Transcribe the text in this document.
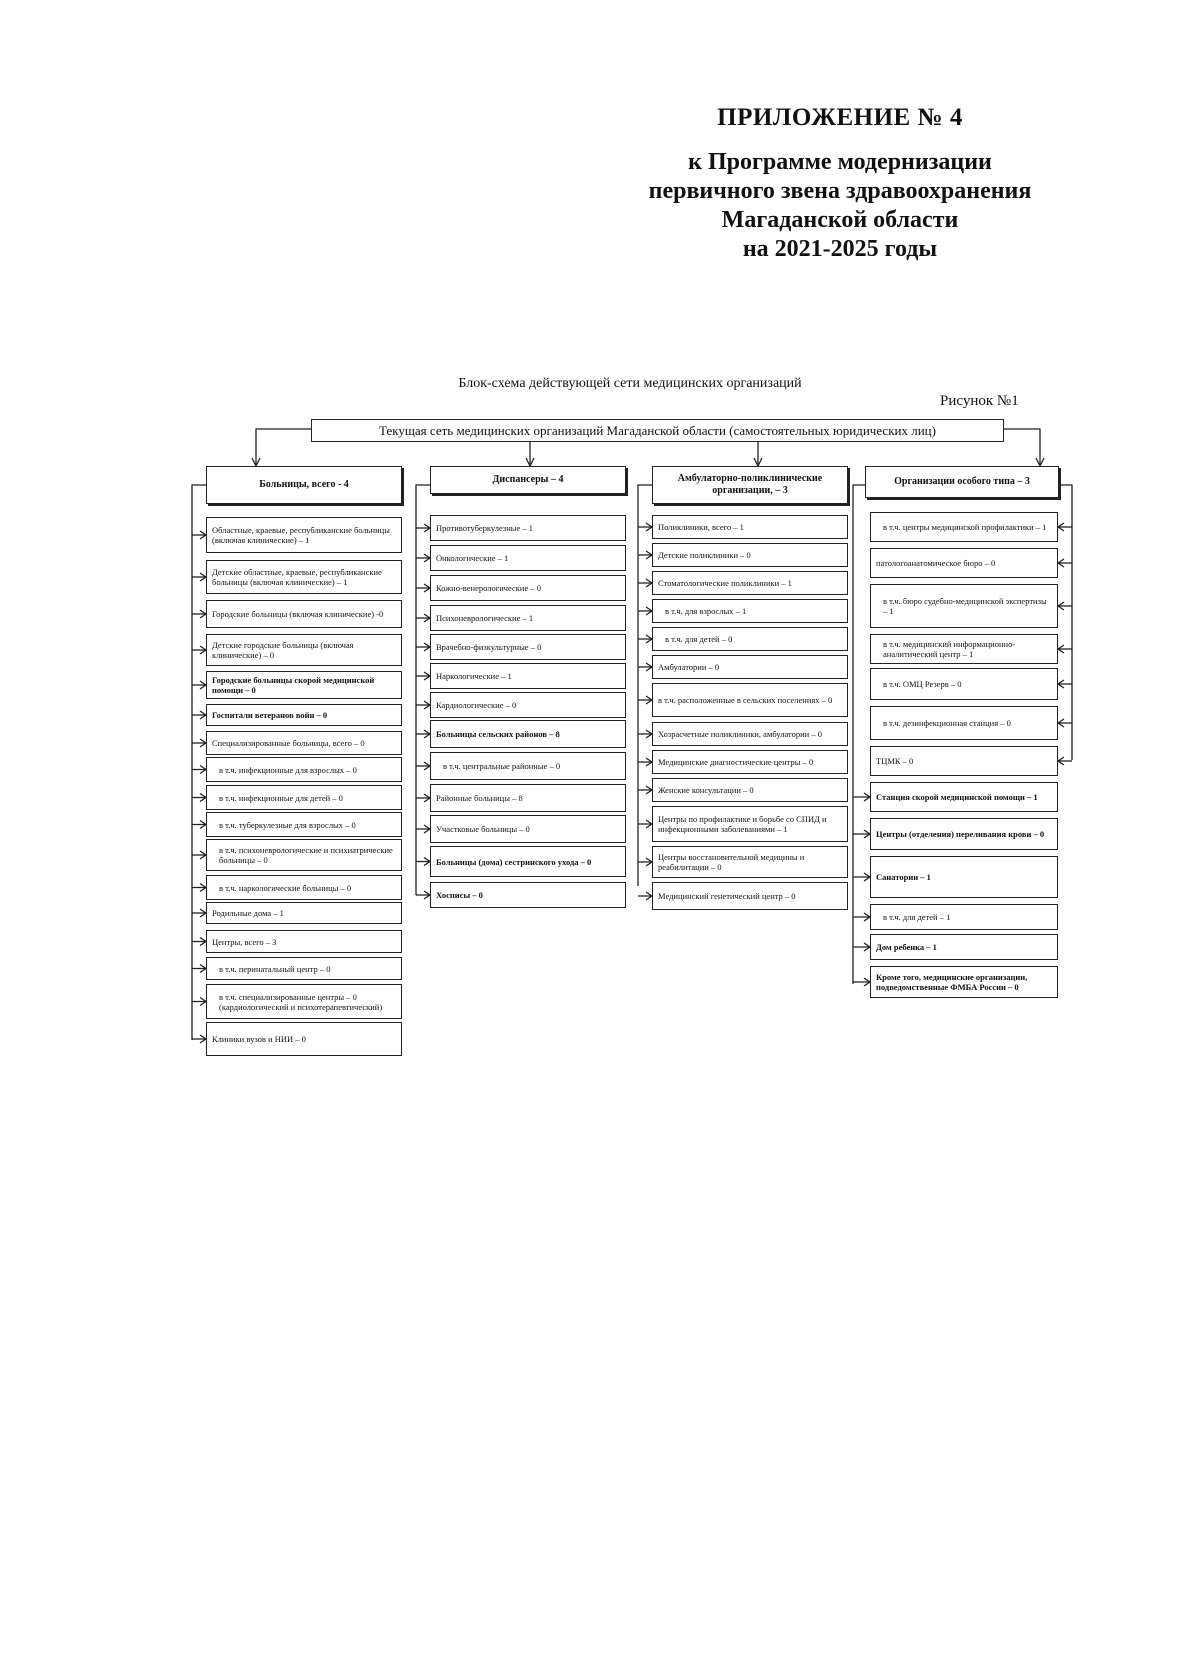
ПРИЛОЖЕНИЕ № 4
к Программе модернизации
первичного звена здравоохранения
Магаданской области
на 2021-2025 годы
Блок-схема действующей сети медицинских организаций
Рисунок №1
Текущая сеть медицинских организаций Магаданской области (самостоятельных юридических лиц)
Больницы, всего - 4	Диспансеры – 4	Амбулаторно-поликлинические организации, – 3
Организации особого типа – 3
Областные, краевые, республиканские больницы (включая клинические) – 1
Детские областные, краевые, республиканские больницы (включая клинические) – 1
Городские больницы (включая клинические) -0
Детские городские больницы (включая клинические) – 0
Городские больницы скорой медицинской помощи – 0
Госпитали ветеранов войн – 0
Специализированные больницы, всего – 0
в т.ч. инфекционные для взрослых – 0
в т.ч. инфекционные для детей – 0
в т.ч. туберкулезные для взрослых – 0
в т.ч. психоневрологические и психиатрические больницы – 0
в т.ч. наркологические больницы – 0
Родильные дома – 1
Центры, всего – 3
в т.ч. перинатальный центр – 0
в т.ч. специализированные центры – 0 (кардиологический и психотерапевтический)
Клиники вузов и НИИ – 0
Противотуберкулезные – 1
Онкологические – 1
Кожно-венерологические – 0
Психоневрологические – 1
Врачебно-физкультурные – 0
Наркологические – 1
Кардиологические – 0
Больницы сельских районов – 8
в т.ч. центральные районные – 0
Районные больницы – 8
Участковые больницы – 0
Больницы (дома) сестринского ухода – 0
Хосписы – 0
Поликлиники, всего – 1
Детские поликлиники – 0
Стоматологические поликлиники – 1
в т.ч. для взрослых – 1
в т.ч. для детей – 0
Амбулатории – 0
в т.ч. расположенные в сельских поселениях – 0
Хозрасчетные поликлиники, амбулатории – 0
Медицинские диагностические центры – 0
Женские консультации – 0
Центры по профилактике и борьбе со СПИД и инфекционными заболеваниями – 1
Центры восстановительной медицины и реабилитации – 0
Медицинский генетический центр – 0
в т.ч. центры медицинской профилактики – 1
патологоанатомическое бюро – 0
в т.ч. бюро судебно-медицинской экспертизы – 1
в т.ч. медицинский информационно-аналитический центр – 1
в т.ч. ОМЦ Резерв – 0
в т.ч. дезинфекционная станция – 0
ТЦМК – 0
Станция скорой медицинской помощи – 1
Центры (отделения) переливания крови – 0
Санатории – 1
в т.ч. для детей – 1
Дом ребенка – 1
Кроме того, медицинские организации, подведомственные ФМБА России – 0
